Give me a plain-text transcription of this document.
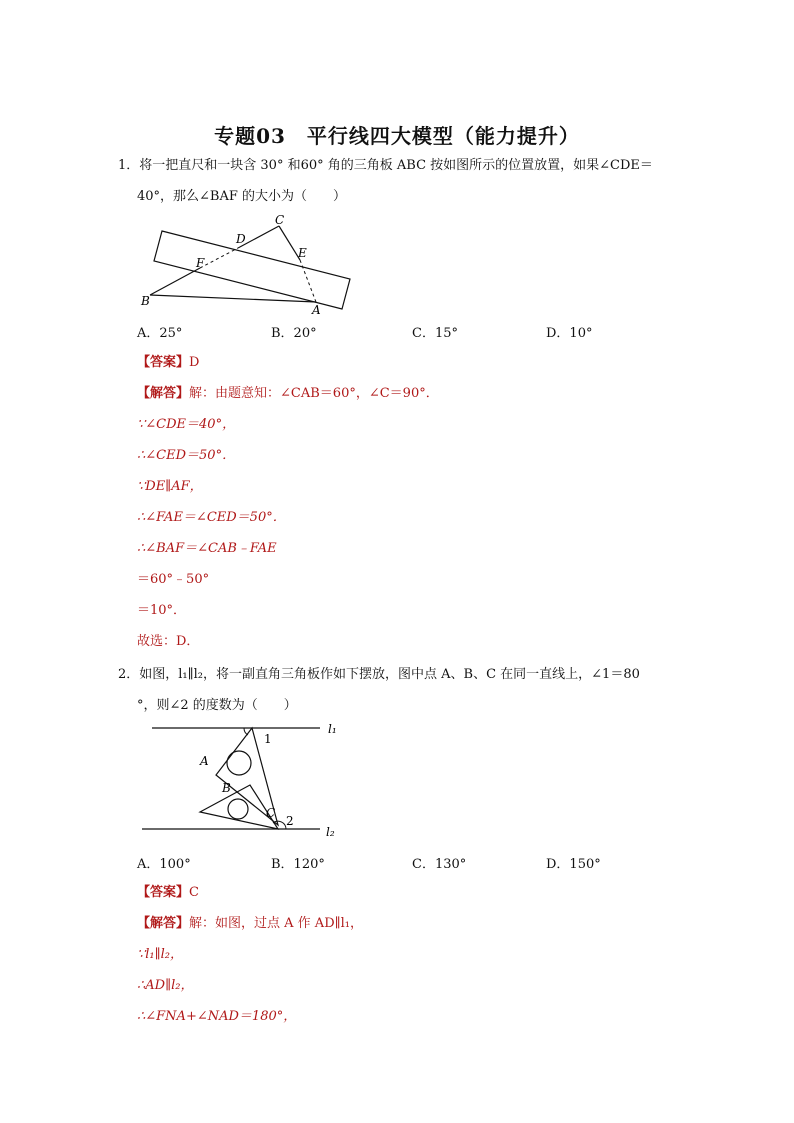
专题03　平行线四大模型（能力提升）
1．将一把直尺和一块含 30° 和60° 角的三角板 ABC 按如图所示的位置放置，如果∠CDE＝
40°，那么∠BAF 的大小为（　　）
C
D
E
F
B
A
A．25°	B．20°	C．15°	D．10°
【答案】D
【解答】解：由题意知：∠CAB＝60°，∠C＝90°．
∵∠CDE＝40°，
∴∠CED＝50°．
∵DE∥AF，
∴∠FAE＝∠CED＝50°．
∴∠BAF＝∠CAB﹣FAE
＝60°﹣50°
＝10°．
故选：D．
2．如图，l₁∥l₂，将一副直角三角板作如下摆放，图中点 A、B、C 在同一直线上，∠1＝80
°，则∠2 的度数为（　　）
l₁
l₂
1
2
A
B
C
A．100°	B．120°	C．130°	D．150°
【答案】C
【解答】解：如图，过点 A 作 AD∥l₁，
∵l₁∥l₂，
∴AD∥l₂，
∴∠FNA+∠NAD＝180°，
